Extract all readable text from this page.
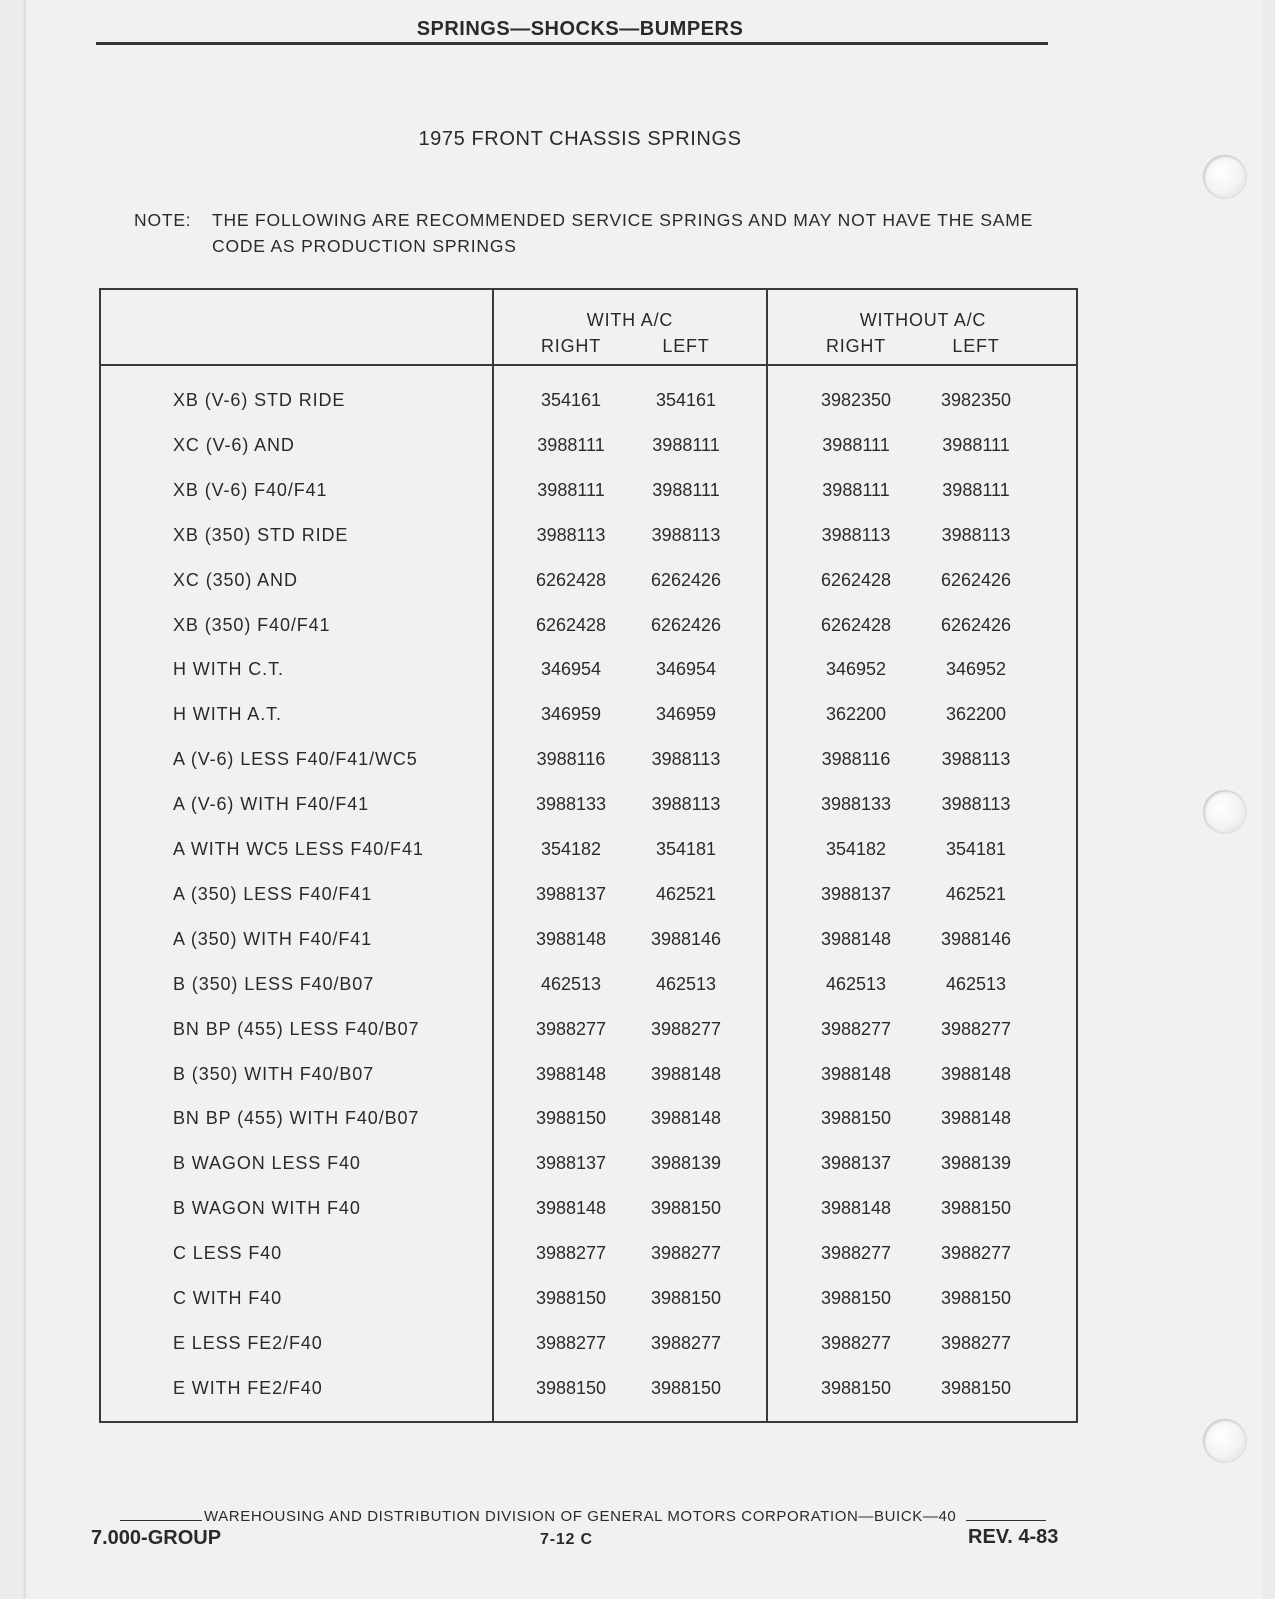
SPRINGS—SHOCKS—BUMPERS
1975 FRONT CHASSIS SPRINGS
NOTE: THE FOLLOWING ARE RECOMMENDED SERVICE SPRINGS AND MAY NOT HAVE THE SAME CODE AS PRODUCTION SPRINGS
WITH A/C	WITHOUT A/C
RIGHT	LEFT	RIGHT	LEFT
XB (V-6) STD RIDE	354161	354161	3982350	3982350
XC (V-6) AND	3988111	3988111	3988111	3988111
XB (V-6) F40/F41	3988111	3988111	3988111	3988111
XB (350) STD RIDE	3988113	3988113	3988113	3988113
XC (350) AND	6262428	6262426	6262428	6262426
XB (350) F40/F41	6262428	6262426	6262428	6262426
H WITH C.T.	346954	346954	346952	346952
H WITH A.T.	346959	346959	362200	362200
A (V-6) LESS F40/F41/WC5	3988116	3988113	3988116	3988113
A (V-6) WITH F40/F41	3988133	3988113	3988133	3988113
A WITH WC5 LESS F40/F41	354182	354181	354182	354181
A (350) LESS F40/F41	3988137	462521	3988137	462521
A (350) WITH F40/F41	3988148	3988146	3988148	3988146
B (350) LESS F40/B07	462513	462513	462513	462513
BN BP (455) LESS F40/B07	3988277	3988277	3988277	3988277
B (350) WITH F40/B07	3988148	3988148	3988148	3988148
BN BP (455) WITH F40/B07	3988150	3988148	3988150	3988148
B WAGON LESS F40	3988137	3988139	3988137	3988139
B WAGON WITH F40	3988148	3988150	3988148	3988150
C LESS F40	3988277	3988277	3988277	3988277
C WITH F40	3988150	3988150	3988150	3988150
E LESS FE2/F40	3988277	3988277	3988277	3988277
E WITH FE2/F40	3988150	3988150	3988150	3988150
WAREHOUSING AND DISTRIBUTION DIVISION OF GENERAL MOTORS CORPORATION—BUICK—40
7.000-GROUP	7-12 C	REV. 4-83
